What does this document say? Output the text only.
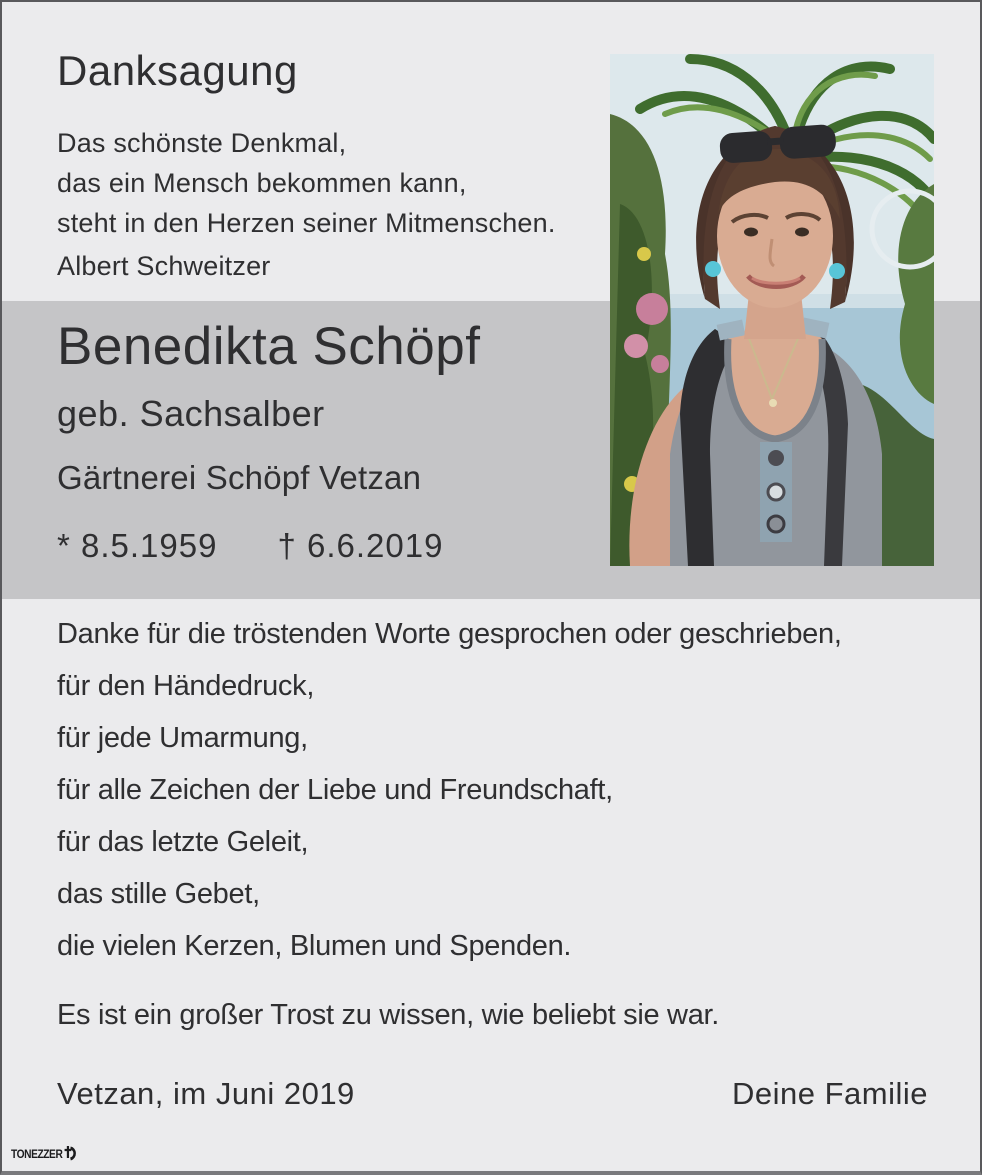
Danksagung
Das schönste Denkmal,
das ein Mensch bekommen kann,
steht in den Herzen seiner Mitmenschen.
Albert Schweitzer
Benedikta Schöpf
geb. Sachsalber
Gärtnerei Schöpf Vetzan
* 8.5.1959 † 6.6.2019
Danke für die tröstenden Worte gesprochen oder geschrieben,
für den Händedruck,
für jede Umarmung,
für alle Zeichen der Liebe und Freundschaft,
für das letzte Geleit,
das stille Gebet,
die vielen Kerzen, Blumen und Spenden.
Es ist ein großer Trost zu wissen, wie beliebt sie war.
Vetzan, im Juni 2019	Deine Familie
TONEZZER
